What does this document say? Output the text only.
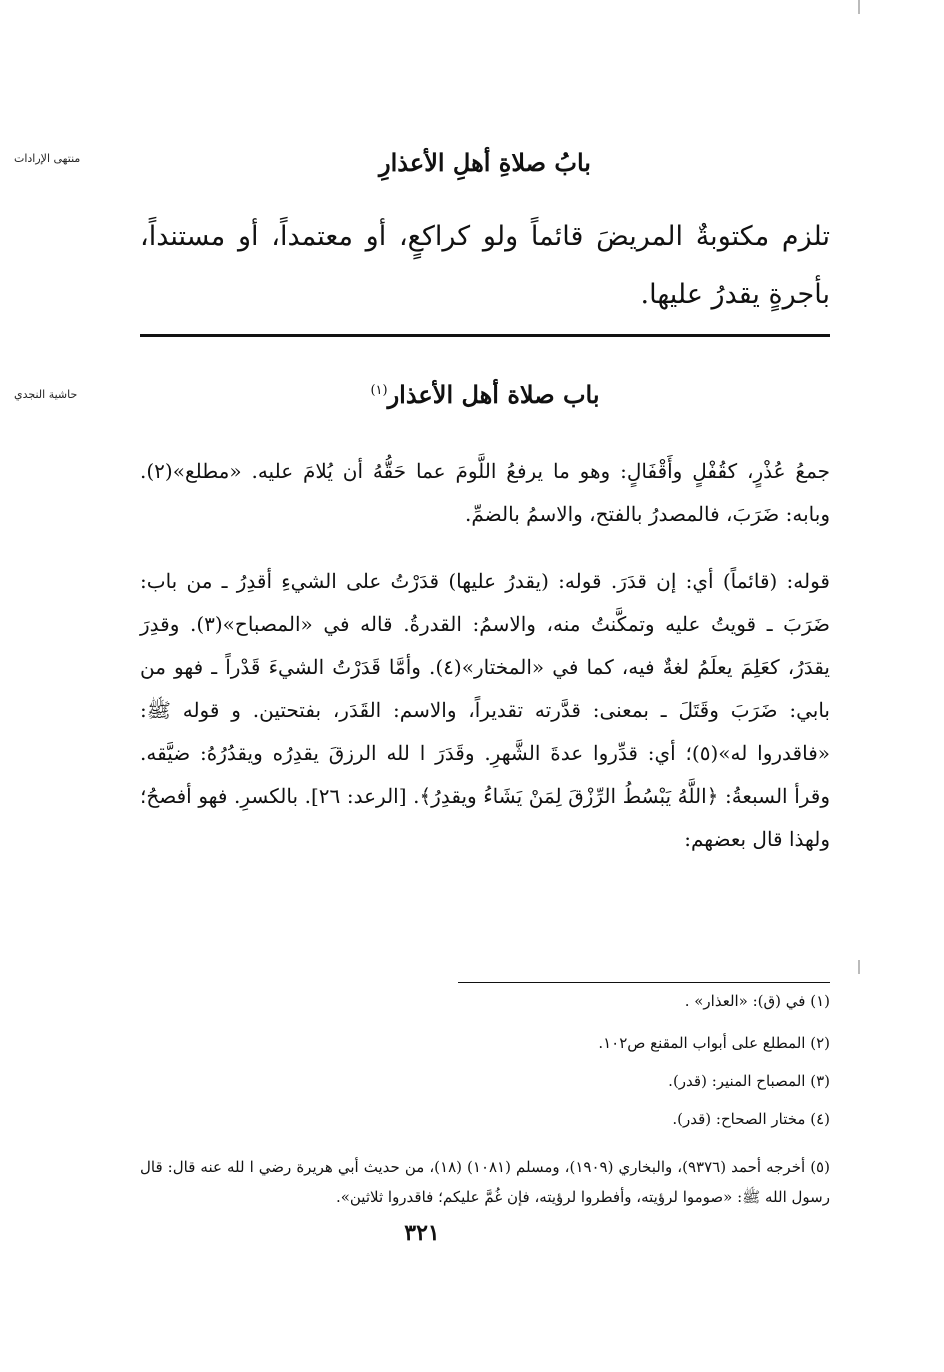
منتهى الإرادات
حاشية النجدي
بابُ صلاةِ أهلِ الأعذارِ
تلزم مكتوبةٌ المريضَ قائماً ولو كراكعٍ، أو معتمداً، أو مستنداً، بأجرةٍ يقدرُ عليها.
باب صلاة أهل الأعذار$^{(١)}$
جمعُ عُذْرٍ، كقُفْلٍ وأَقْفَالٍ: وهو ما يرفعُ اللَّومَ عما حَقُّهُ أن يُلامَ عليه. «مطلع»(٢). وبابه: ضَرَبَ، فالمصدرُ بالفتح، والاسمُ بالضمِّ.
قوله: (قائماً) أي: إن قدَرَ. قوله: (يقدرُ عليها) قدَرْتُ على الشيءِ أقدِرُ ـ من باب: ضَرَبَ ـ قويتُ عليه وتمكَّنتُ منه، والاسمُ: القدرةُ. قاله في «المصباح»(٣). وقدِرَ يقدَرُ، كعَلِمَ يعلَمُ لغةٌ فيه، كما في «المختار»(٤). وأمَّا قَدَرْتُ الشيءَ قَدْراً ـ فهو من بابي: ضَرَبَ وقَتَلَ ـ بمعنى: قدَّرته تقديراً، والاسم: القَدَر، بفتحتين. و قوله ﷺ: «فاقدروا له»(٥)؛ أي: قدِّروا عدةَ الشَّهرِ. وقَدَرَ ا لله الرزقَ يقدِرُه ويقدُرُهُ: ضيَّقه. وقرأ السبعةُ: ﴿اللَّهُ يَبْسُطُ الرِّزْقَ لِمَنْ يَشَاءُ ويقدِرُ﴾. [الرعد: ٢٦]. بالكسرِ. فهو أفصحُ؛ ولهذا قال بعضهم:
(١) في (ق): «العذار» .
(٢) المطلع على أبواب المقنع ص١٠٢.
(٣) المصباح المنير: (قدر).
(٤) مختار الصحاح: (قدر).
(٥) أخرجه أحمد (٩٣٧٦)، والبخاري (١٩٠٩)، ومسلم (١٠٨١) (١٨)، من حديث أبي هريرة رضي ا لله عنه قال: قال رسول الله ﷺ: «صوموا لرؤيته، وأفطروا لرؤيته، فإن غُمَّ عليكم؛ فاقدروا ثلاثين».
٣٢١
